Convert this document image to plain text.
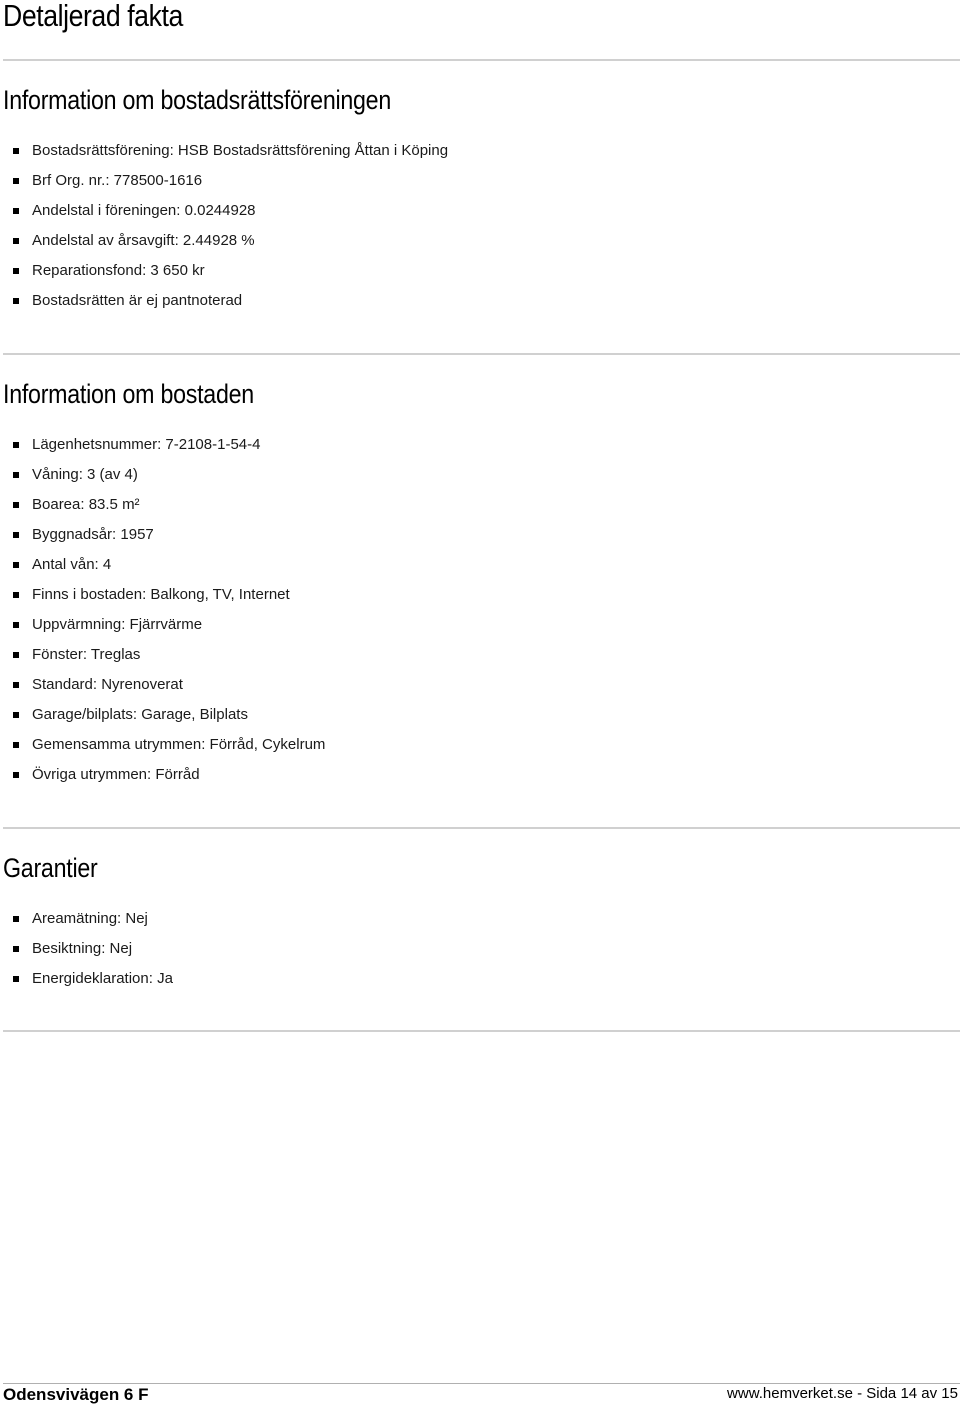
Detaljerad fakta
Information om bostadsrättsföreningen
Bostadsrättsförening: HSB Bostadsrättsförening Åttan i Köping
Brf Org. nr.: 778500-1616
Andelstal i föreningen: 0.0244928
Andelstal av årsavgift: 2.44928 %
Reparationsfond: 3 650 kr
Bostadsrätten är ej pantnoterad
Information om bostaden
Lägenhetsnummer: 7-2108-1-54-4
Våning: 3 (av 4)
Boarea: 83.5 m²
Byggnadsår: 1957
Antal vån: 4
Finns i bostaden: Balkong, TV, Internet
Uppvärmning: Fjärrvärme
Fönster: Treglas
Standard: Nyrenoverat
Garage/bilplats: Garage, Bilplats
Gemensamma utrymmen: Förråd, Cykelrum
Övriga utrymmen: Förråd
Garantier
Areamätning: Nej
Besiktning: Nej
Energideklaration: Ja
Odensvivägen 6 F	www.hemverket.se - Sida 14 av 15
